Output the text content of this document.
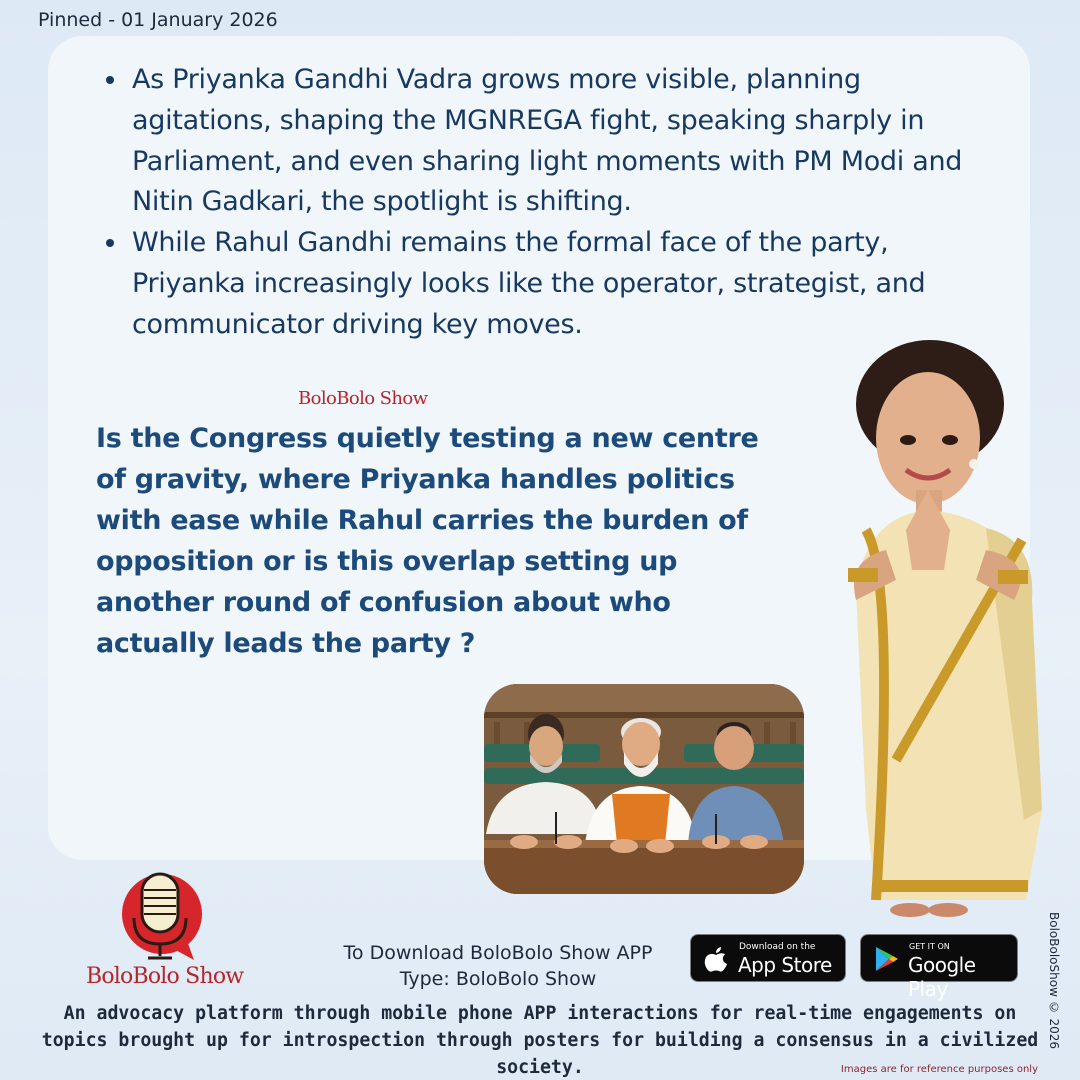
Pinned - 01 January 2026
As Priyanka Gandhi Vadra grows more visible, planning agitations, shaping the MGNREGA fight, speaking sharply in Parliament, and even sharing light moments with PM Modi and Nitin Gadkari, the spotlight is shifting.
While Rahul Gandhi remains the formal face of the party, Priyanka increasingly looks like the operator, strategist, and communicator driving key moves.
BoloBolo Show
Is the Congress quietly testing a new centre of gravity, where Priyanka handles politics with ease while Rahul carries the burden of opposition or is this overlap setting up another round of confusion about who actually leads the party ?
BoloBolo Show
To Download BoloBolo Show APP
Type: BoloBolo Show
Download on the
App Store
GET IT ON
Google Play
An advocacy platform through mobile phone APP interactions for real-time engagements on topics brought up for introspection through posters for building a consensus in a civilized society.
BoloBoloShow © 2026
Images are for reference purposes only
